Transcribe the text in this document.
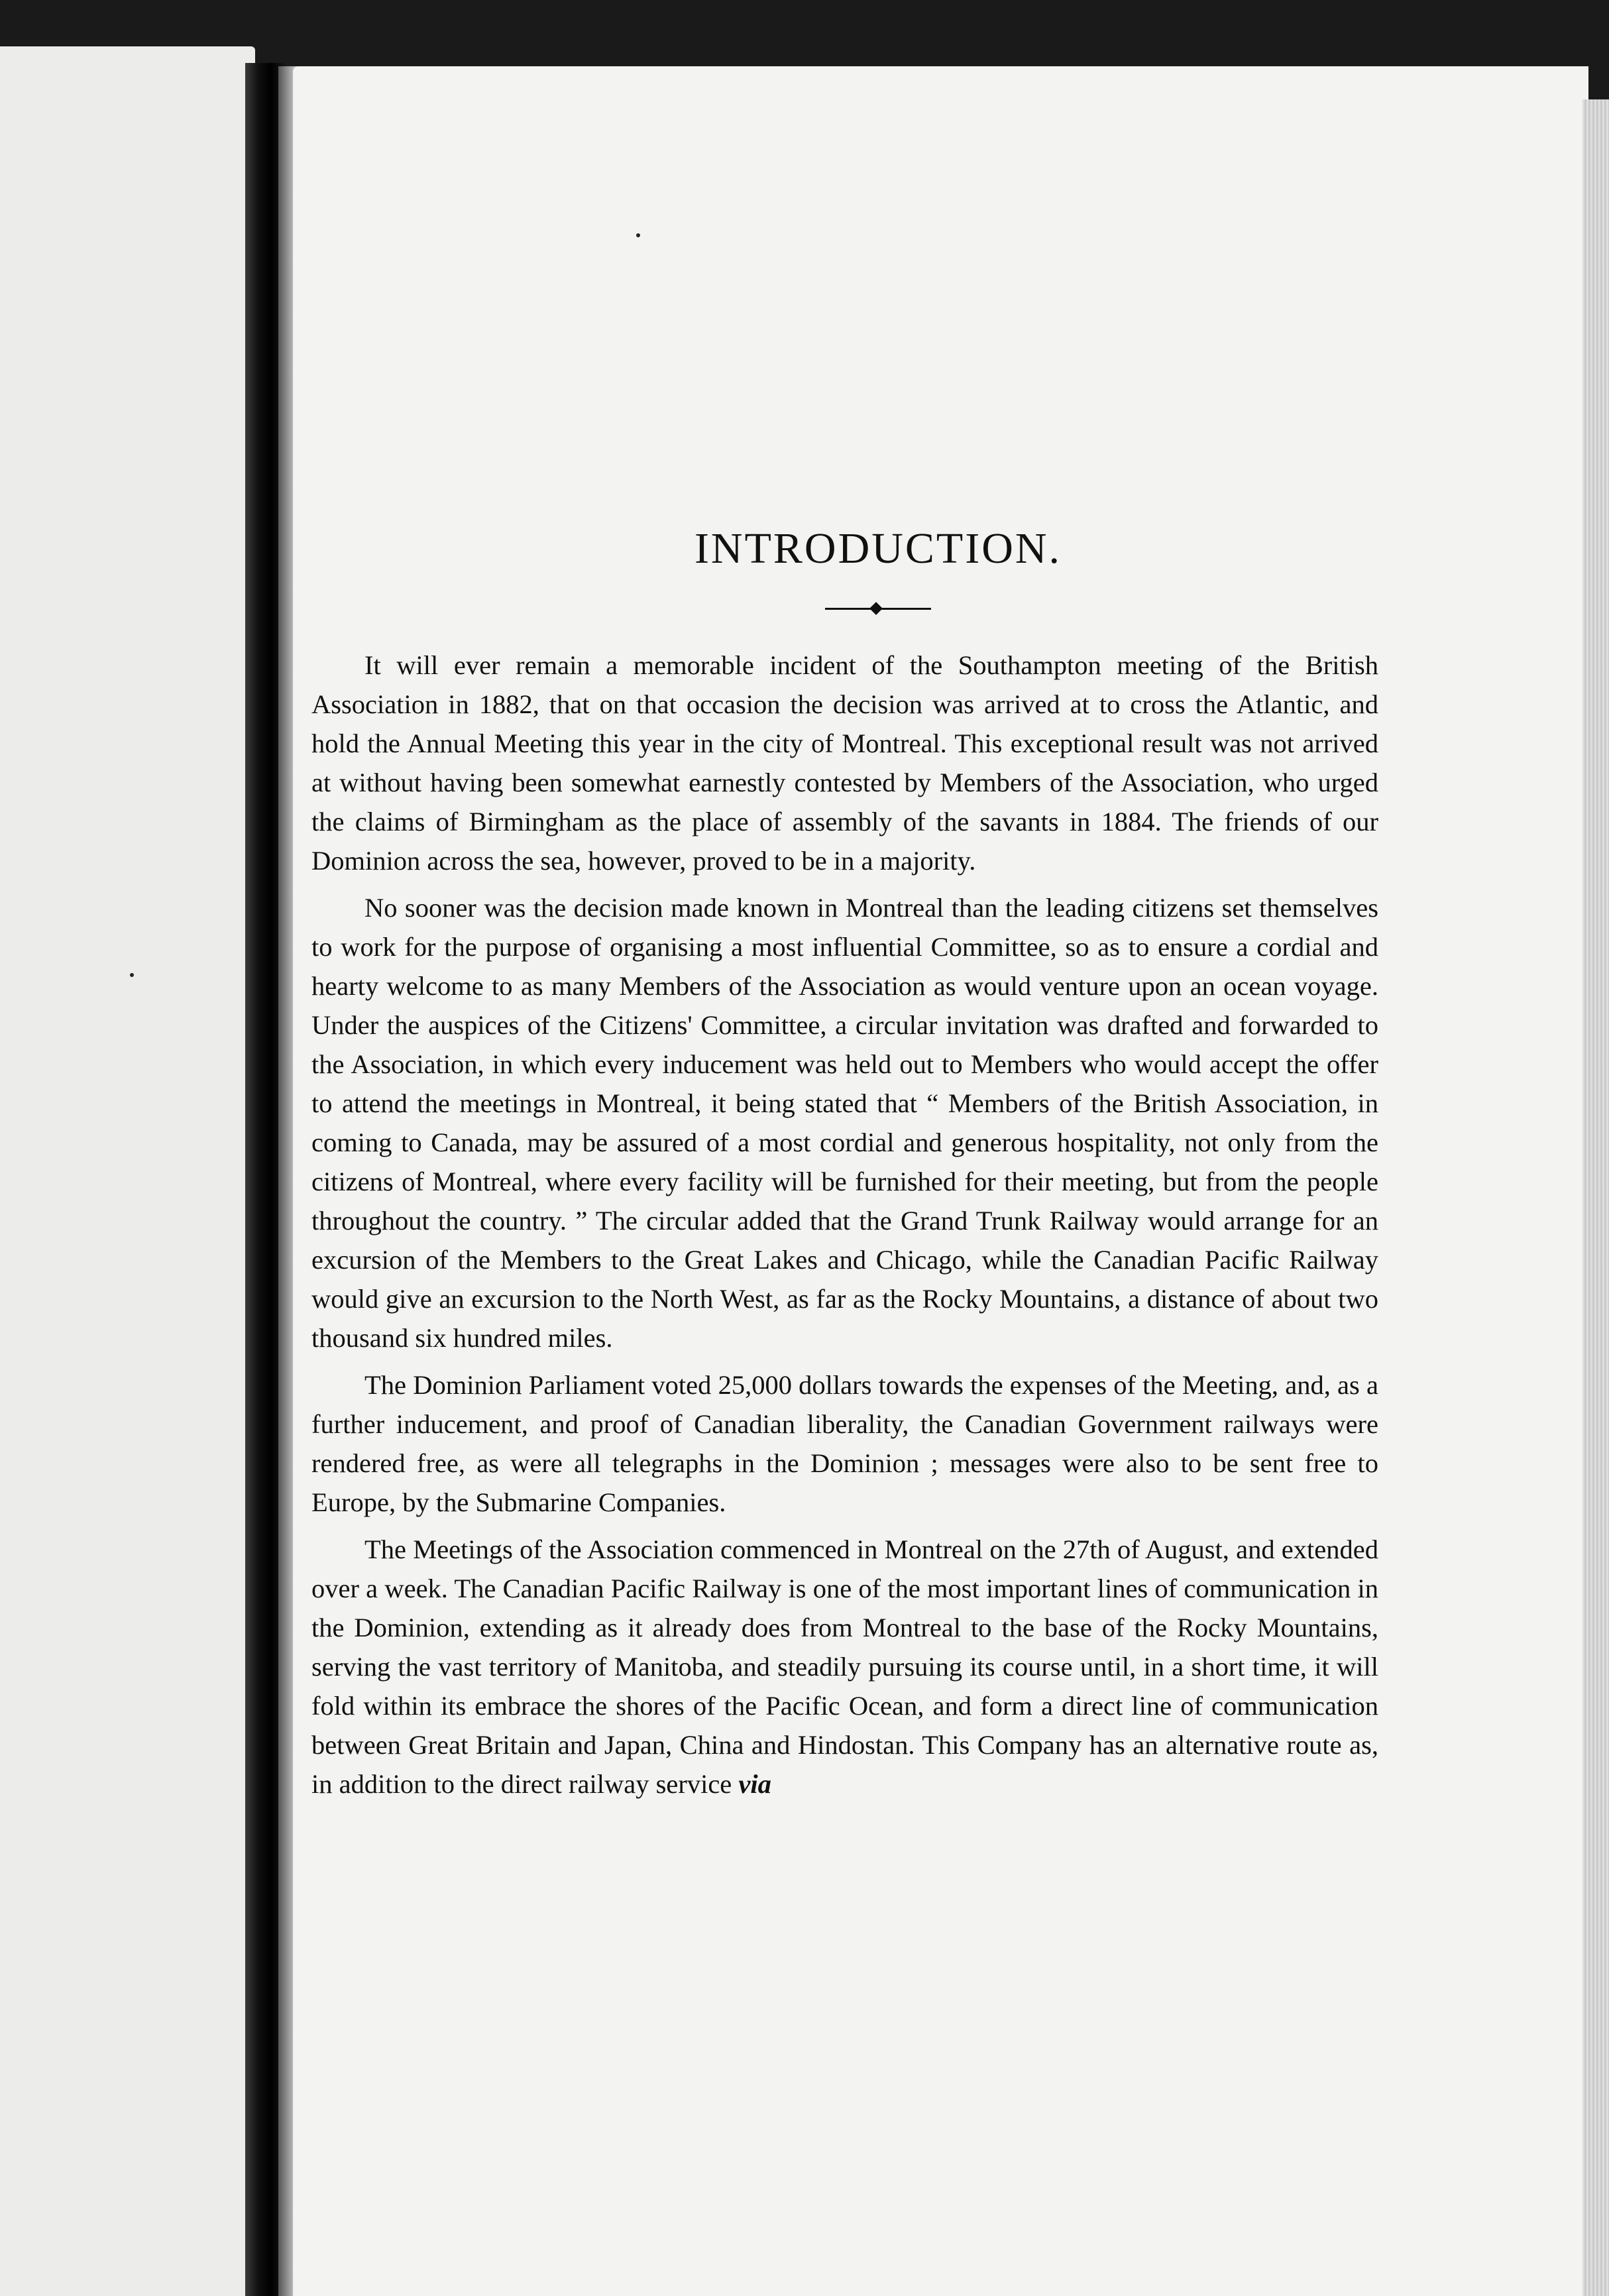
INTRODUCTION.

It will ever remain a memorable incident of the Southampton meeting of the British Association in 1882, that on that occasion the decision was arrived at to cross the Atlantic, and hold the Annual Meeting this year in the city of Montreal. This exceptional result was not arrived at without having been somewhat earnestly contested by Members of the Association, who urged the claims of Birmingham as the place of assembly of the savants in 1884. The friends of our Dominion across the sea, however, proved to be in a majority.

No sooner was the decision made known in Montreal than the leading citizens set themselves to work for the purpose of organising a most influential Committee, so as to ensure a cordial and hearty welcome to as many Members of the Association as would venture upon an ocean voyage. Under the auspices of the Citizens' Committee, a circular invitation was drafted and forwarded to the Association, in which every inducement was held out to Members who would accept the offer to attend the meetings in Montreal, it being stated that “ Members of the British Association, in coming to Canada, may be assured of a most cordial and generous hospitality, not only from the citizens of Montreal, where every facility will be furnished for their meeting, but from the people throughout the country. ” The circular added that the Grand Trunk Railway would arrange for an excursion of the Members to the Great Lakes and Chicago, while the Canadian Pacific Railway would give an excursion to the North West, as far as the Rocky Mountains, a distance of about two thousand six hundred miles.

The Dominion Parliament voted 25,000 dollars towards the expenses of the Meeting, and, as a further inducement, and proof of Canadian liberality, the Canadian Government railways were rendered free, as were all telegraphs in the Dominion ; messages were also to be sent free to Europe, by the Submarine Companies.

The Meetings of the Association commenced in Montreal on the 27th of August, and extended over a week. The Canadian Pacific Railway is one of the most important lines of communication in the Dominion, extending as it already does from Montreal to the base of the Rocky Mountains, serving the vast territory of Manitoba, and steadily pursuing its course until, in a short time, it will fold within its embrace the shores of the Pacific Ocean, and form a direct line of communication between Great Britain and Japan, China and Hindostan. This Company has an alternative route as, in addition to the direct railway service via
